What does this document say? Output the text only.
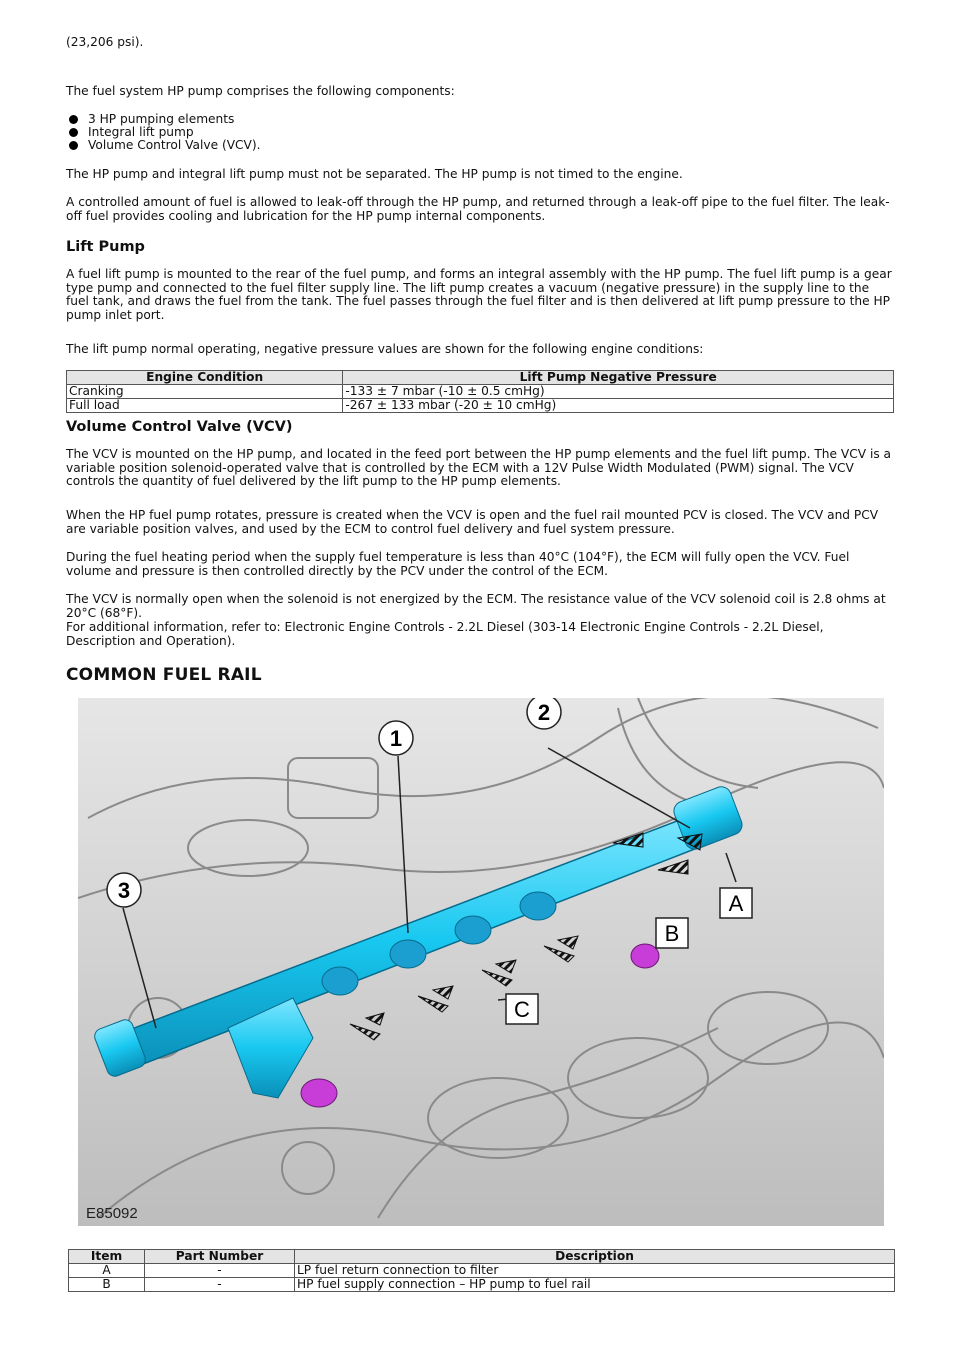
(23,206 psi).

The fuel system HP pump comprises the following components:

3 HP pumping elements
Integral lift pump
Volume Control Valve (VCV).

The HP pump and integral lift pump must not be separated. The HP pump is not timed to the engine.

A controlled amount of fuel is allowed to leak-off through the HP pump, and returned through a leak-off pipe to the fuel filter. The leak-off fuel provides cooling and lubrication for the HP pump internal components.

Lift Pump

A fuel lift pump is mounted to the rear of the fuel pump, and forms an integral assembly with the HP pump. The fuel lift pump is a gear type pump and connected to the fuel filter supply line. The lift pump creates a vacuum (negative pressure) in the supply line to the fuel tank, and draws the fuel from the tank. The fuel passes through the fuel filter and is then delivered at lift pump pressure to the HP pump inlet port.

The lift pump normal operating, negative pressure values are shown for the following engine conditions:

Engine Condition	Lift Pump Negative Pressure
Cranking	-133 ± 7 mbar (-10 ± 0.5 cmHg)
Full load	-267 ± 133 mbar (-20 ± 10 cmHg)
Volume Control Valve (VCV)

The VCV is mounted on the HP pump, and located in the feed port between the HP pump elements and the fuel lift pump. The VCV is a variable position solenoid-operated valve that is controlled by the ECM with a 12V Pulse Width Modulated (PWM) signal. The VCV controls the quantity of fuel delivered by the lift pump to the HP pump elements.

When the HP fuel pump rotates, pressure is created when the VCV is open and the fuel rail mounted PCV is closed. The VCV and PCV are variable position valves, and used by the ECM to control fuel delivery and fuel system pressure.

During the fuel heating period when the supply fuel temperature is less than 40°C (104°F), the ECM will fully open the VCV. Fuel volume and pressure is then controlled directly by the PCV under the control of the ECM.

The VCV is normally open when the solenoid is not energized by the ECM. The resistance value of the VCV solenoid coil is 2.8 ohms at 20°C (68°F).

For additional information, refer to: Electronic Engine Controls - 2.2L Diesel (303-14 Electronic Engine Controls - 2.2L Diesel, Description and Operation).

COMMON FUEL RAIL
1
2
3
A
B
C
E85092
Item	Part Number	Description
A	-	LP fuel return connection to filter
B	-	HP fuel supply connection – HP pump to fuel rail
